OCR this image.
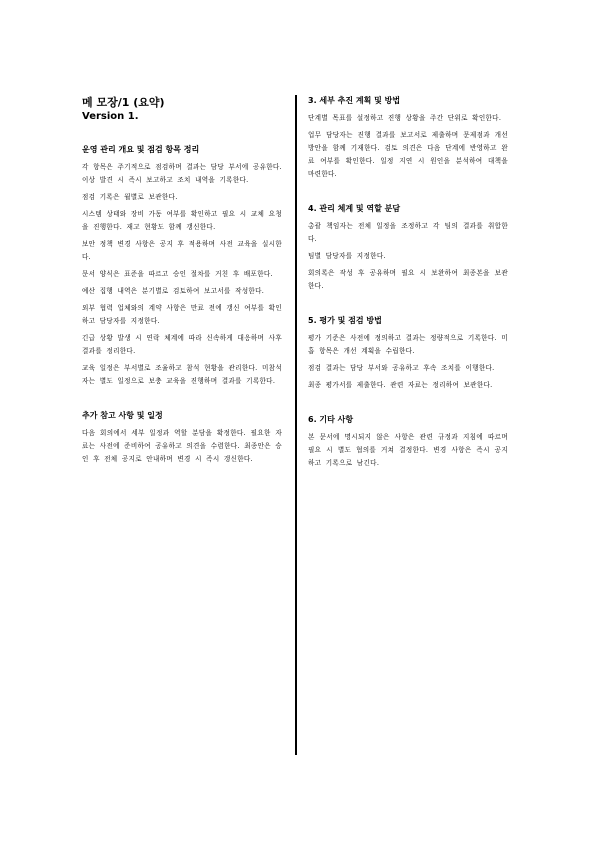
메 모장/1 (요약)
Version 1.
운영 관리 개요 및 점검 항목 정리

각 항목은 주기적으로 점검하며 결과는 담당 부서에 공유한다. 이상 발견 시 즉시 보고하고 조치 내역을 기록한다.

점검 기록은 월별로 보관한다.

시스템 상태와 장비 가동 여부를 확인하고 필요 시 교체 요청을 진행한다. 재고 현황도 함께 갱신한다.

보안 정책 변경 사항은 공지 후 적용하며 사전 교육을 실시한다.

문서 양식은 표준을 따르고 승인 절차를 거친 후 배포한다.

예산 집행 내역은 분기별로 검토하여 보고서를 작성한다.

외부 협력 업체와의 계약 사항은 만료 전에 갱신 여부를 확인하고 담당자를 지정한다.

긴급 상황 발생 시 연락 체계에 따라 신속하게 대응하며 사후 결과를 정리한다.

교육 일정은 부서별로 조율하고 참석 현황을 관리한다. 미참석자는 별도 일정으로 보충 교육을 진행하며 결과를 기록한다.

추가 참고 사항 및 일정

다음 회의에서 세부 일정과 역할 분담을 확정한다. 필요한 자료는 사전에 준비하여 공유하고 의견을 수렴한다. 최종안은 승인 후 전체 공지로 안내하며 변경 시 즉시 갱신한다.

3. 세부 추진 계획 및 방법

단계별 목표를 설정하고 진행 상황을 주간 단위로 확인한다.

업무 담당자는 진행 결과를 보고서로 제출하며 문제점과 개선 방안을 함께 기재한다. 검토 의견은 다음 단계에 반영하고 완료 여부를 확인한다. 일정 지연 시 원인을 분석하여 대책을 마련한다.

4. 관리 체계 및 역할 분담

총괄 책임자는 전체 일정을 조정하고 각 팀의 결과를 취합한다.

팀별 담당자를 지정한다.

회의록은 작성 후 공유하며 필요 시 보완하여 최종본을 보관한다.

5. 평가 및 점검 방법

평가 기준은 사전에 정의하고 결과는 정량적으로 기록한다. 미흡 항목은 개선 계획을 수립한다.

점검 결과는 담당 부서와 공유하고 후속 조치를 이행한다.

최종 평가서를 제출한다. 관련 자료는 정리하여 보관한다.

6. 기타 사항

본 문서에 명시되지 않은 사항은 관련 규정과 지침에 따르며 필요 시 별도 협의를 거쳐 결정한다. 변경 사항은 즉시 공지하고 기록으로 남긴다.
